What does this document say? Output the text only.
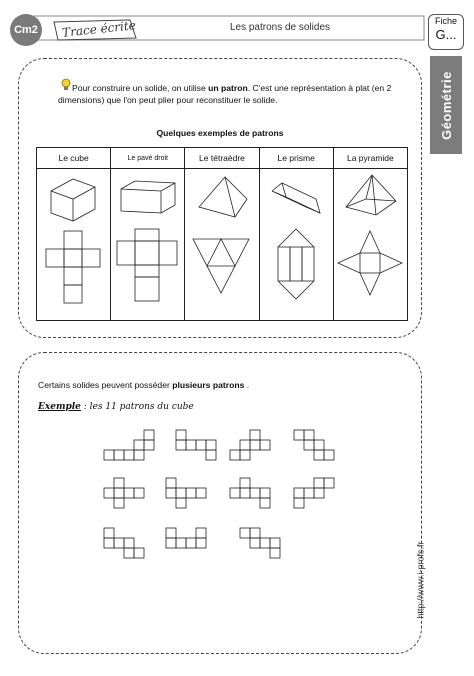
Cm2	Trace écrite	Les patrons de solides
Fiche
G...
Géométrie
Pour construire un solide, on utilise un patron. C'est une représentation à plat (en 2 dimensions) que l'on peut plier pour reconstituer le solide.
Quelques exemples de patrons
Le cube	Le pavé droit	Le tétraèdre	Le prisme	La pyramide

Certains solides peuvent posséder plusieurs patrons .
Exemple : les 11 patrons du cube
http://www.i-profs.fr
